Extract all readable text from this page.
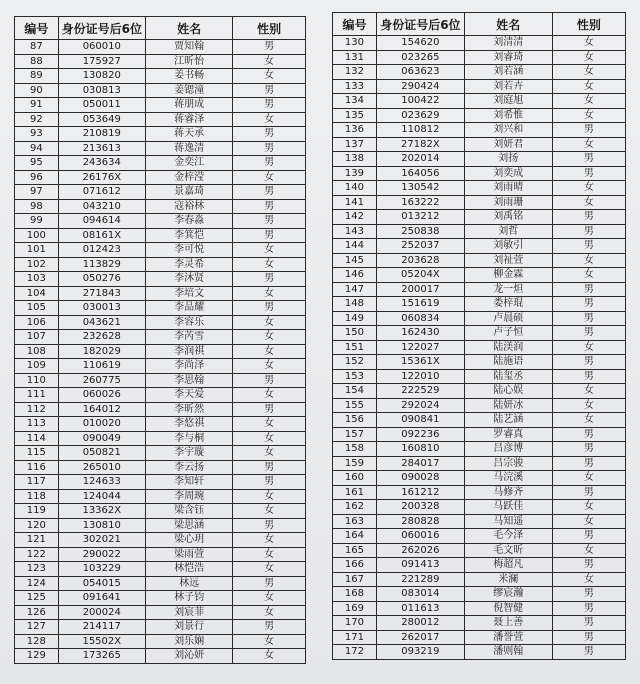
编号	身份证号后6位	姓名	性别
87	060010	贾知翰	男
88	175927	江昕怡	女
89	130820	姜书畅	女
90	030813	姜锶潼	男
91	050011	蒋朋成	男
92	053649	蒋睿泽	女
93	210819	蒋天承	男
94	213613	蒋逸清	男
95	243634	金奕江	男
96	26176X	金梓滢	女
97	071612	景嘉琦	男
98	043210	寇裕林	男
99	094614	李春淼	男
100	08161X	李箕恺	男
101	012423	李可悦	女
102	113829	李灵希	女
103	050276	李沐贤	男
104	271843	李培文	女
105	030013	李品耀	男
106	043621	李容乐	女
107	232628	李芮雪	女
108	182029	李润祺	女
109	110619	李尚泽	女
110	260775	李思翰	男
111	060026	李天爱	女
112	164012	李昕然	男
113	010020	李悠祺	女
114	090049	李与桐	女
115	050821	李宇璇	女
116	265010	李云扬	男
117	124633	李知轩	男
118	124044	李周琬	女
119	13362X	梁含钰	女
120	130810	梁思涵	男
121	302021	梁心玥	女
122	290022	梁雨萱	女
123	103229	林恺浩	女
124	054015	林远	男
125	091641	林子钧	女
126	200024	刘宸菲	女
127	214117	刘景行	男
128	15502X	刘乐娴	女
129	173265	刘沁妍	女
编号	身份证号后6位	姓名	性别
130	154620	刘清清	女
131	023265	刘睿琦	女
132	063623	刘若涵	女
133	290424	刘若卉	女
134	100422	刘庭旭	女
135	023629	刘希惟	女
136	110812	刘兴和	男
137	27182X	刘妍君	女
138	202014	刘扬	男
139	164056	刘奕成	男
140	130542	刘雨晴	女
141	163222	刘雨珊	女
142	013212	刘禹铭	男
143	250838	刘哲	男
144	252037	刘敏引	男
145	203628	刘祉萱	女
146	05204X	柳金霖	女
147	200017	龙一炟	男
148	151619	娄梓琨	男
149	060834	卢晨硕	男
150	162430	卢子恒	男
151	122027	陆渼润	女
152	15361X	陆施语	男
153	122010	陆玺丞	男
154	222529	陆心娱	女
155	292024	陆妍冰	女
156	090841	陆艺涵	女
157	092236	罗睿真	男
158	160810	吕彦博	男
159	284017	吕宗骏	男
160	090028	马浣溪	女
161	161212	马修齐	男
162	200328	马跃佳	女
163	280828	马知遥	女
164	060016	毛今泽	男
165	262026	毛文昕	女
166	091413	梅超凡	男
167	221289	米澜	女
168	083014	缪宸瀚	男
169	011613	倪智健	男
170	280012	聂上善	男
171	262017	潘誉萱	男
172	093219	潘则翰	男
